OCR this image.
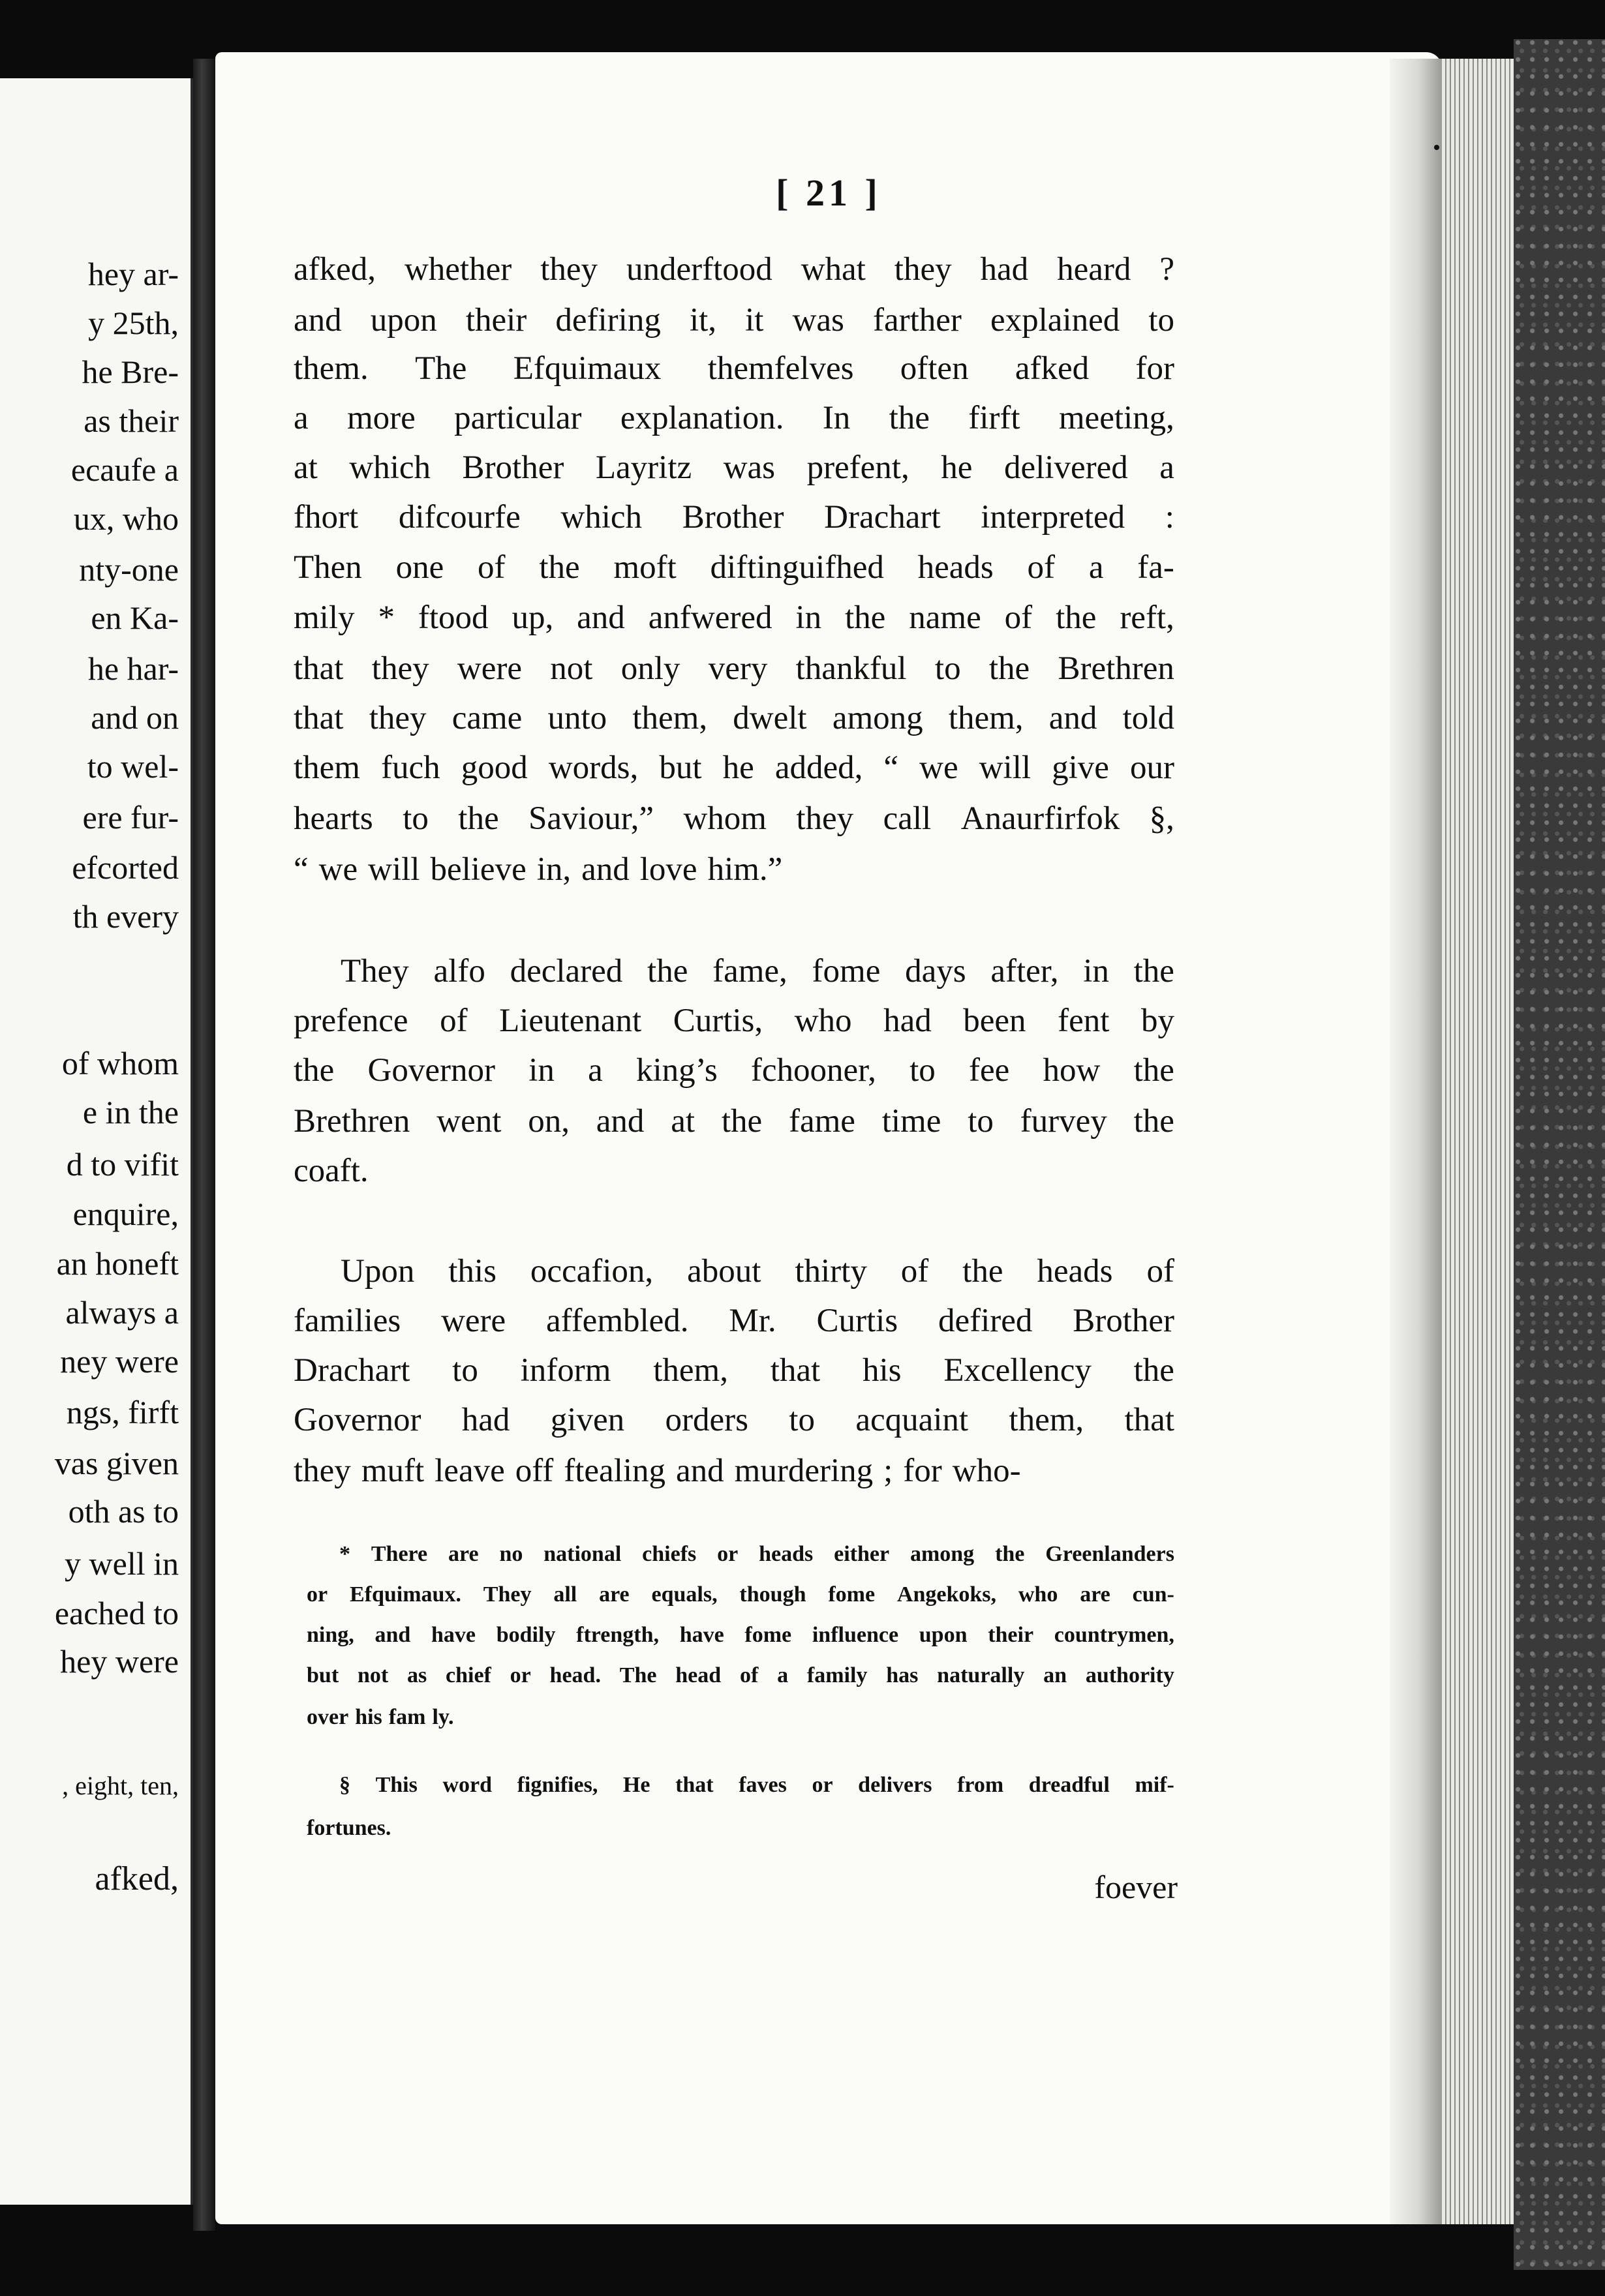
hey ar-
y 25th,
he Bre-
as their
ecaufe a
ux, who
nty-one
en Ka-
he har-
and on
to wel-
ere fur-
efcorted
th every
of whom
e in the
d to vifit
enquire,
an honeft
always a
ney were
ngs, firft
vas given
oth as to
y well in
eached to
hey were
, eight, ten,
afked,
[ 21 ]
afked, whether they underftood what they had heard ?
and upon their defiring it, it was farther explained to
them. The Efquimaux themfelves often afked for
a more particular explanation. In the firft meeting,
at which Brother Layritz was prefent, he delivered a
fhort difcourfe which Brother Drachart interpreted :
Then one of the moft diftinguifhed heads of a fa-
mily * ftood up, and anfwered in the name of the reft,
that they were not only very thankful to the Brethren
that they came unto them, dwelt among them, and told
them fuch good words, but he added, “ we will give our
hearts to the Saviour,” whom they call Anaurfirfok §,
“ we will believe in, and love him.”
They alfo declared the fame, fome days after, in the
prefence of Lieutenant Curtis, who had been fent by
the Governor in a king’s fchooner, to fee how the
Brethren went on, and at the fame time to furvey the
coaft.
Upon this occafion, about thirty of the heads of
families were affembled. Mr. Curtis defired Brother
Drachart to inform them, that his Excellency the
Governor had given orders to acquaint them, that
they muft leave off ftealing and murdering ; for who-
* There are no national chiefs or heads either among the Greenlanders
or Efquimaux. They all are equals, though fome Angekoks, who are cun-
ning, and have bodily ftrength, have fome influence upon their countrymen,
but not as chief or head. The head of a family has naturally an authority
over his fam ly.
§ This word fignifies, He that faves or delivers from dreadful mif-
fortunes.
foever
